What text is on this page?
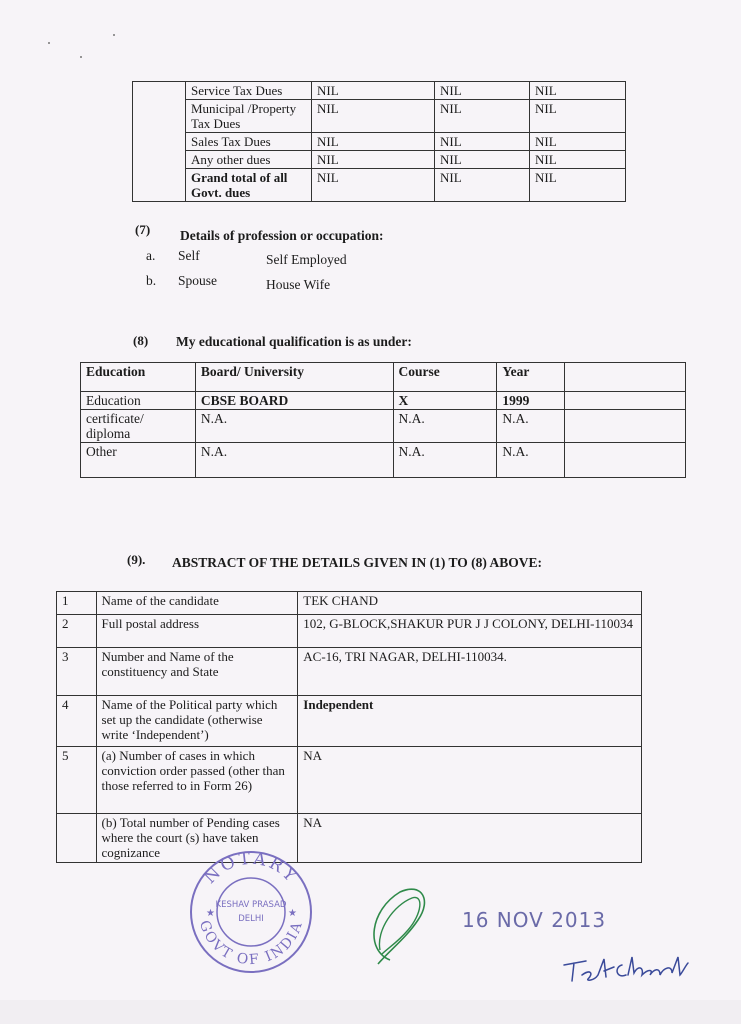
	Service Tax Dues	NIL	NIL	NIL
	Municipal /Property Tax Dues	NIL	NIL	NIL
	Sales Tax Dues	NIL	NIL	NIL
	Any other dues	NIL	NIL	NIL
	Grand total of all Govt. dues	NIL	NIL	NIL
(7) Details of profession or occupation:
a. Self	Self Employed
b. Spouse	House Wife
(8) My educational qualification is as under:
Education	Board/ University	Course	Year	
Education	CBSE BOARD	X	1999	
certificate/ diploma	N.A.	N.A.	N.A.	
Other	N.A.	N.A.	N.A.	
(9). ABSTRACT OF THE DETAILS GIVEN IN (1) TO (8) ABOVE:
1	Name of the candidate	TEK CHAND
2	Full postal address	102, G-BLOCK,SHAKUR PUR J J COLONY, DELHI-110034
3	Number and Name of the constituency and State	AC-16, TRI NAGAR, DELHI-110034.
4	Name of the Political party which set up the candidate (otherwise write ‘Independent’)	Independent
5	(a) Number of cases in which conviction order passed (other than those referred to in Form 26)	NA
	(b) Total number of Pending cases where the court (s) have taken cognizance	NA
NOTARY
GOVT OF INDIA
KESHAV PRASAD
DELHI
★	★	16 NOV 2013
